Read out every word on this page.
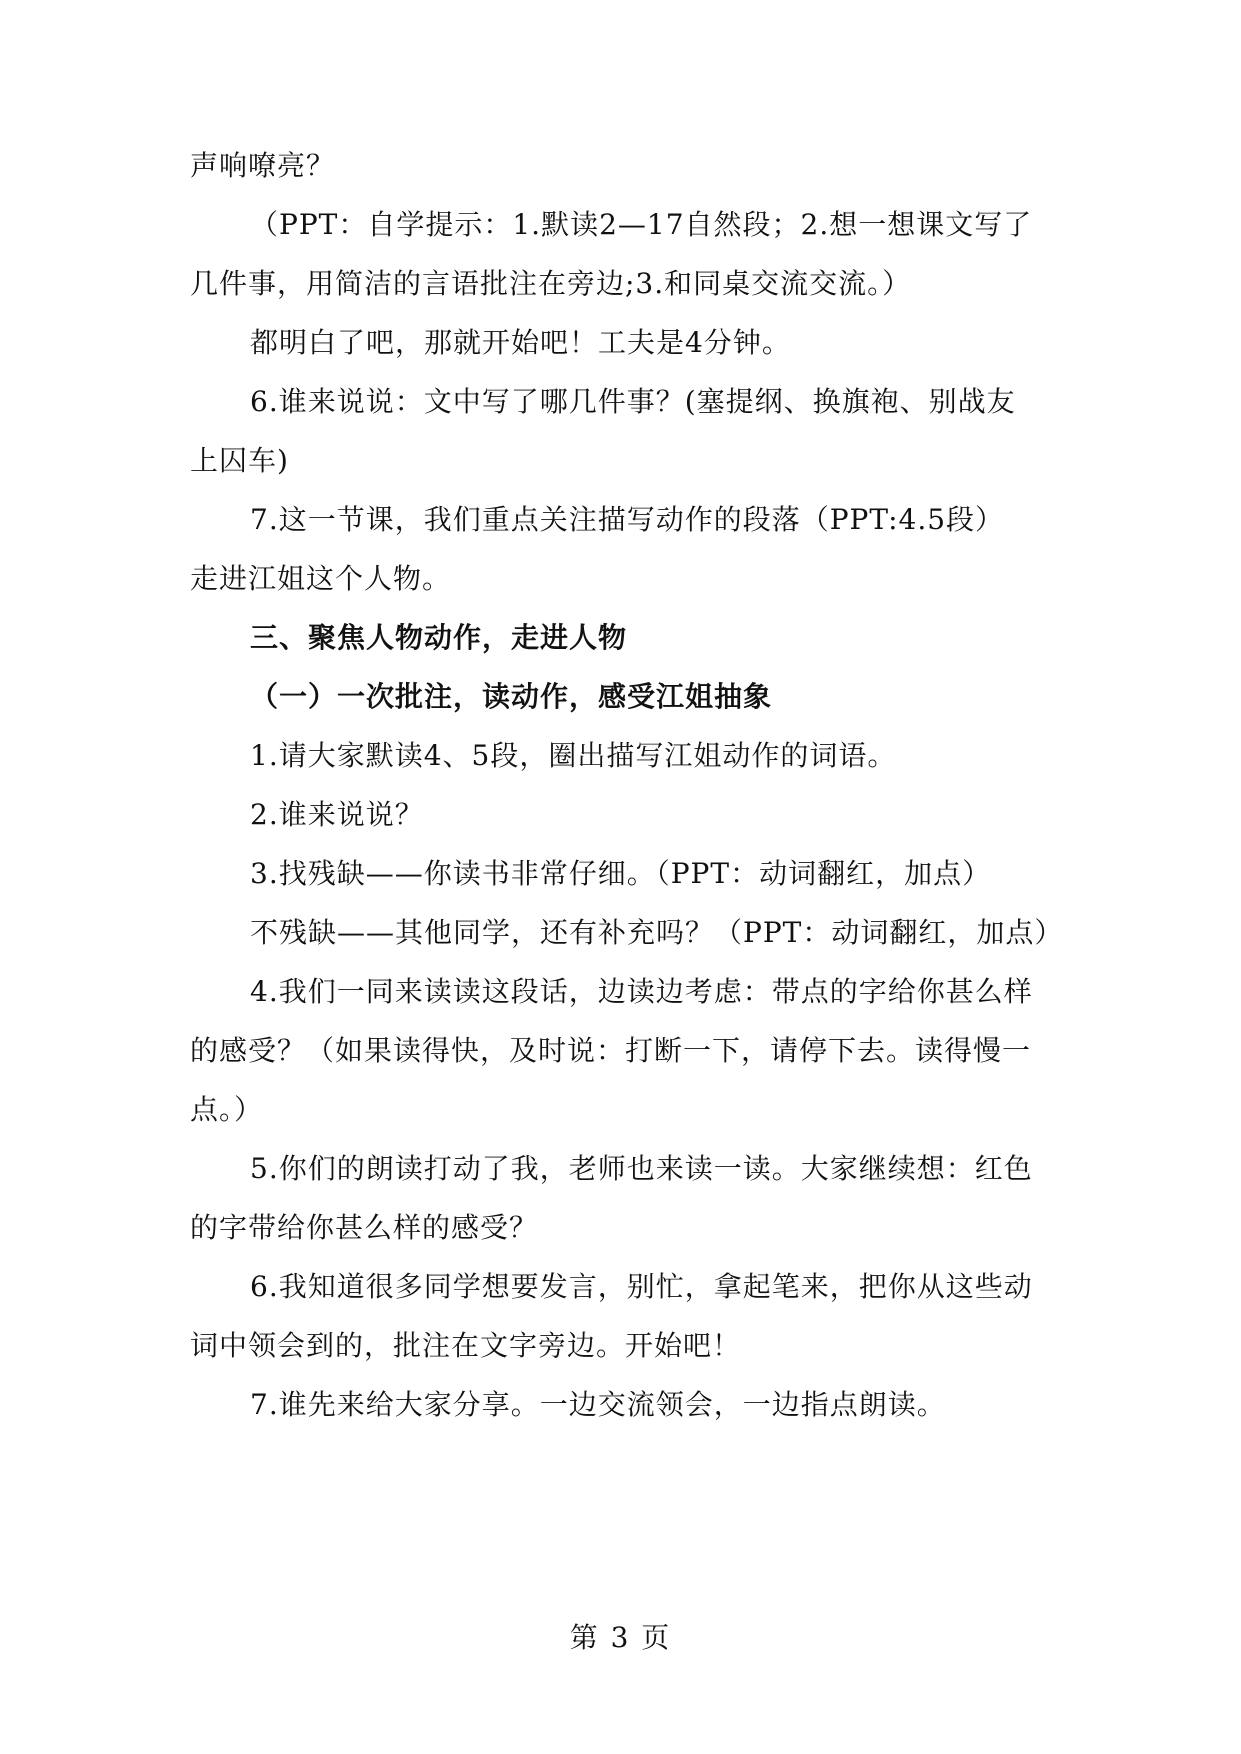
声响嘹亮？
（PPT：自学提示：1.默读2—17自然段；2.想一想课文写了
几件事，用简洁的言语批注在旁边;3.和同桌交流交流。）
都明白了吧，那就开始吧！工夫是4分钟。
6.谁来说说：文中写了哪几件事？(塞提纲、换旗袍、别战友
上囚车)
7.这一节课，我们重点关注描写动作的段落（PPT:4.5段）
走进江姐这个人物。
三、聚焦人物动作，走进人物
（一）一次批注，读动作，感受江姐抽象
1.请大家默读4、5段，圈出描写江姐动作的词语。
2.谁来说说？
3.找残缺——你读书非常仔细。（PPT：动词翻红，加点）
不残缺——其他同学，还有补充吗？（PPT：动词翻红，加点）
4.我们一同来读读这段话，边读边考虑：带点的字给你甚么样
的感受？（如果读得快，及时说：打断一下，请停下去。读得慢一
点。）
5.你们的朗读打动了我，老师也来读一读。大家继续想：红色
的字带给你甚么样的感受？
6.我知道很多同学想要发言，别忙，拿起笔来，把你从这些动
词中领会到的，批注在文字旁边。开始吧！
7.谁先来给大家分享。一边交流领会，一边指点朗读。
第 3 页
